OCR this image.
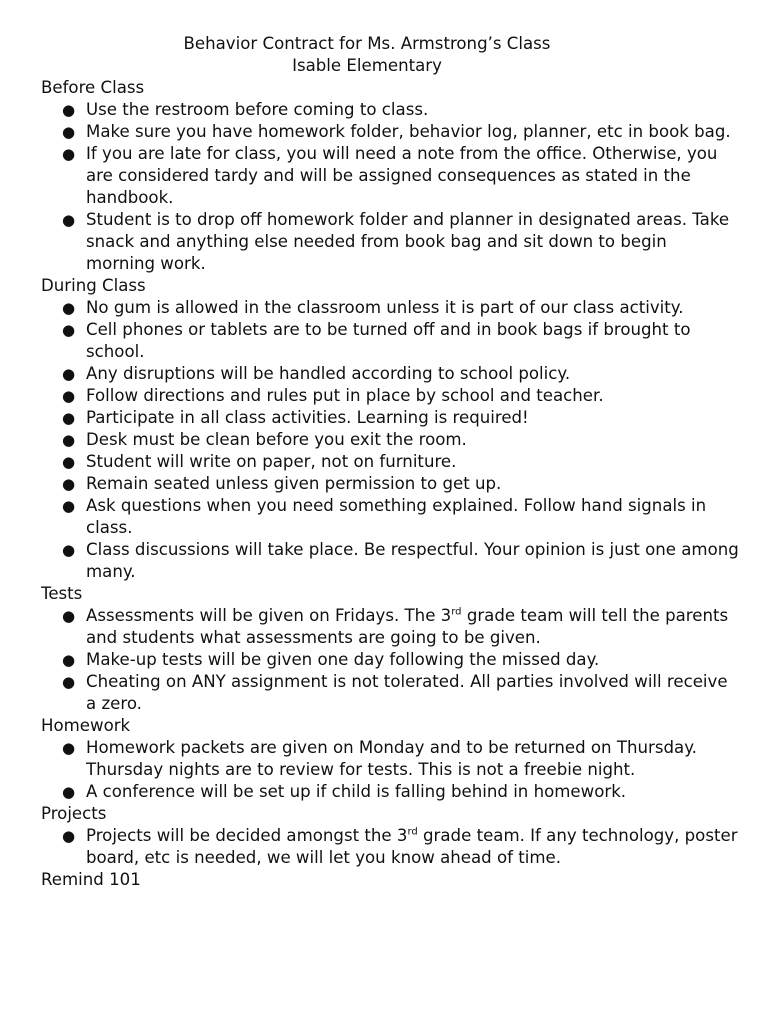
Behavior Contract for Ms. Armstrong’s Class

Isable Elementary

Before Class

● Use the restroom before coming to class.
● Make sure you have homework folder, behavior log, planner, etc in book bag.
● If you are late for class, you will need a note from the office. Otherwise, you are considered tardy and will be assigned consequences as stated in the handbook.
● Student is to drop off homework folder and planner in designated areas. Take snack and anything else needed from book bag and sit down to begin morning work.

During Class

● No gum is allowed in the classroom unless it is part of our class activity.
● Cell phones or tablets are to be turned off and in book bags if brought to school.
● Any disruptions will be handled according to school policy.
● Follow directions and rules put in place by school and teacher.
● Participate in all class activities. Learning is required!
● Desk must be clean before you exit the room.
● Student will write on paper, not on furniture.
● Remain seated unless given permission to get up.
● Ask questions when you need something explained. Follow hand signals in class.
● Class discussions will take place. Be respectful. Your opinion is just one among many.

Tests

● Assessments will be given on Fridays. The 3rd grade team will tell the parents and students what assessments are going to be given.
● Make-up tests will be given one day following the missed day.
● Cheating on ANY assignment is not tolerated. All parties involved will receive a zero.

Homework

● Homework packets are given on Monday and to be returned on Thursday. Thursday nights are to review for tests. This is not a freebie night.
● A conference will be set up if child is falling behind in homework.

Projects

● Projects will be decided amongst the 3rd grade team. If any technology, poster board, etc is needed, we will let you know ahead of time.

Remind 101
